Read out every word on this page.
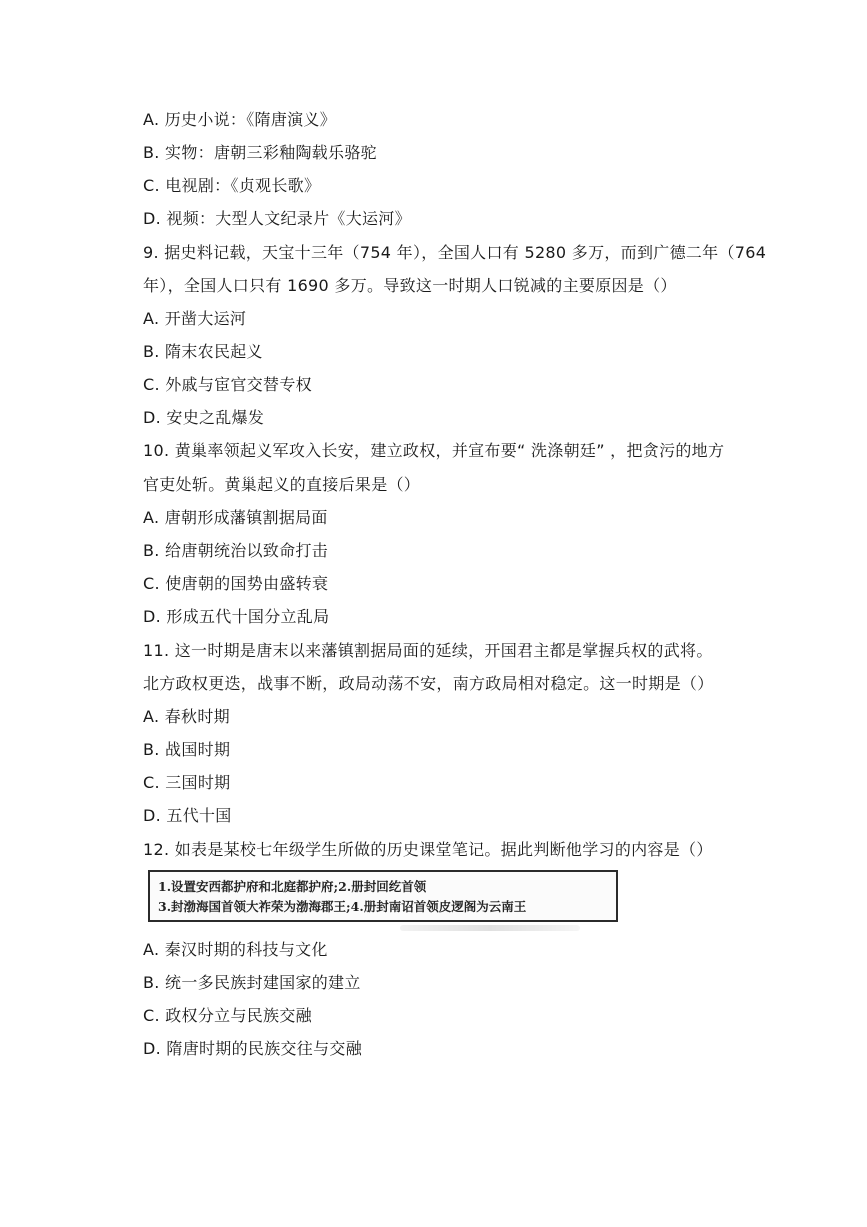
A. 历史小说：《隋唐演义》
B. 实物：唐朝三彩釉陶载乐骆驼
C. 电视剧：《贞观长歌》
D. 视频：大型人文纪录片《大运河》
9. 据史料记载，天宝十三年（754 年），全国人口有 5280 多万，而到广德二年（764
年），全国人口只有 1690 多万。导致这一时期人口锐减的主要原因是（）
A. 开凿大运河
B. 隋末农民起义
C. 外戚与宦官交替专权
D. 安史之乱爆发
10. 黄巢率领起义军攻入长安，建立政权，并宣布要“ 洗涤朝廷” ，把贪污的地方
官吏处斩。黄巢起义的直接后果是（）
A. 唐朝形成藩镇割据局面
B. 给唐朝统治以致命打击
C. 使唐朝的国势由盛转衰
D. 形成五代十国分立乱局
11. 这一时期是唐末以来藩镇割据局面的延续，开国君主都是掌握兵权的武将。
北方政权更迭，战事不断，政局动荡不安，南方政局相对稳定。这一时期是（）
A. 春秋时期
B. 战国时期
C. 三国时期
D. 五代十国
12. 如表是某校七年级学生所做的历史课堂笔记。据此判断他学习的内容是（）
1.设置安西都护府和北庭都护府;2.册封回纥首领
3.封渤海国首领大祚荣为渤海郡王;4.册封南诏首领皮逻阁为云南王
A. 秦汉时期的科技与文化
B. 统一多民族封建国家的建立
C. 政权分立与民族交融
D. 隋唐时期的民族交往与交融
